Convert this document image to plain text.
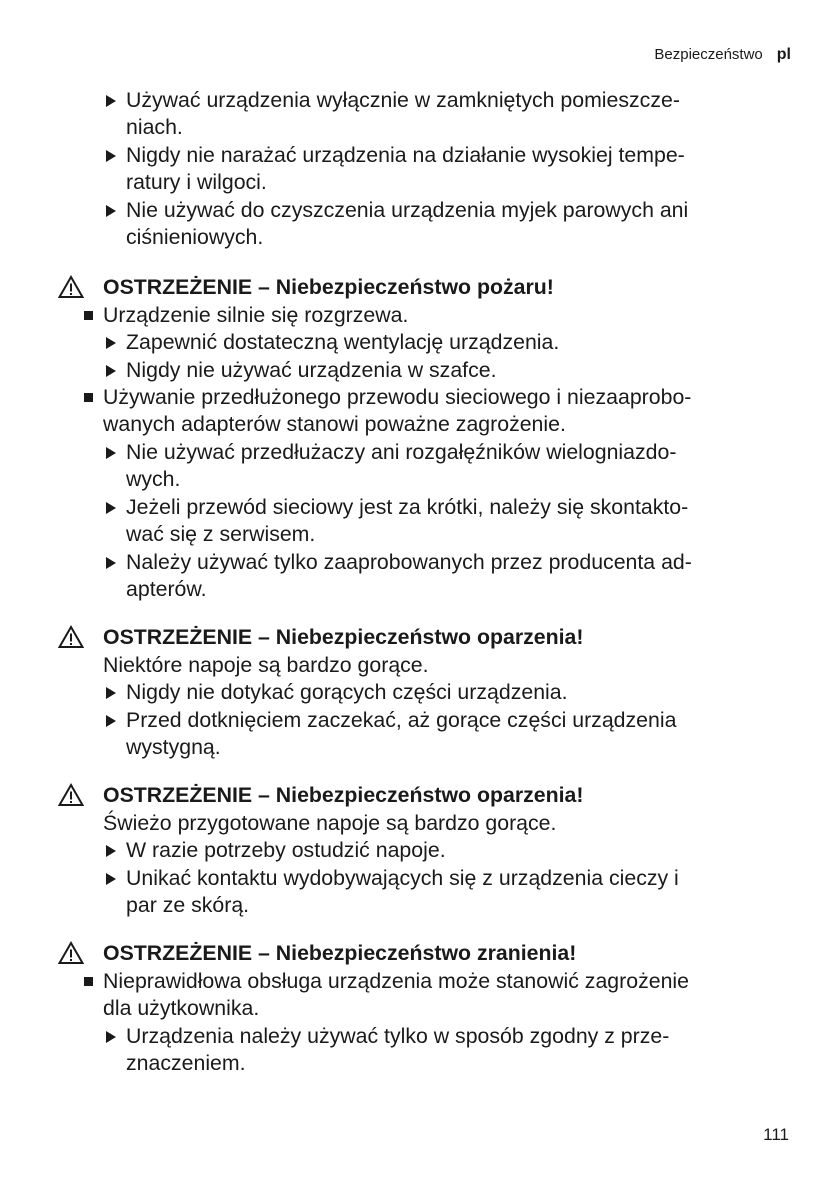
Bezpieczeństwo pl
Używać urządzenia wyłącznie w zamkniętych pomieszcze-
niach.
Nigdy nie narażać urządzenia na działanie wysokiej tempe-
ratury i wilgoci.
Nie używać do czyszczenia urządzenia myjek parowych ani
ciśnieniowych.
OSTRZEŻENIE – Niebezpieczeństwo pożaru!
Urządzenie silnie się rozgrzewa.
Zapewnić dostateczną wentylację urządzenia.
Nigdy nie używać urządzenia w szafce.
Używanie przedłużonego przewodu sieciowego i niezaaprobo-
wanych adapterów stanowi poważne zagrożenie.
Nie używać przedłużaczy ani rozgałęźników wielogniazdo-
wych.
Jeżeli przewód sieciowy jest za krótki, należy się skontakto-
wać się z serwisem.
Należy używać tylko zaaprobowanych przez producenta ad-
apterów.
OSTRZEŻENIE – Niebezpieczeństwo oparzenia!
Niektóre napoje są bardzo gorące.
Nigdy nie dotykać gorących części urządzenia.
Przed dotknięciem zaczekać, aż gorące części urządzenia
wystygną.
OSTRZEŻENIE – Niebezpieczeństwo oparzenia!
Świeżo przygotowane napoje są bardzo gorące.
W razie potrzeby ostudzić napoje.
Unikać kontaktu wydobywających się z urządzenia cieczy i
par ze skórą.
OSTRZEŻENIE – Niebezpieczeństwo zranienia!
Nieprawidłowa obsługa urządzenia może stanowić zagrożenie
dla użytkownika.
Urządzenia należy używać tylko w sposób zgodny z prze-
znaczeniem.
111
